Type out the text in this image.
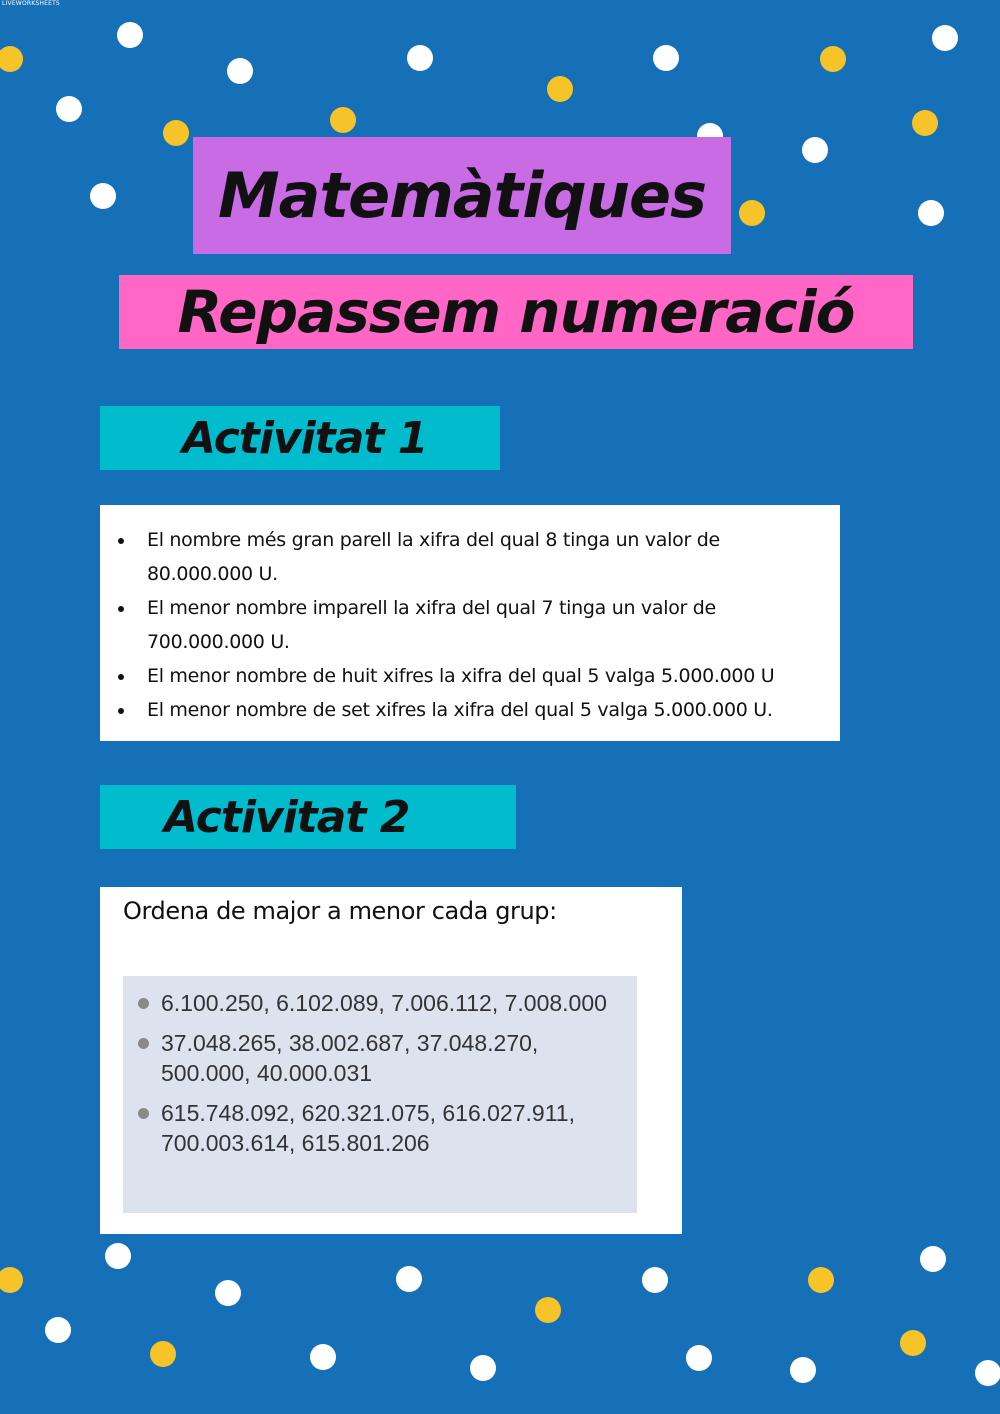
LIVEWORKSHEETS
Matemàtiques
Repassem numeració
Activitat 1
El nombre més gran parell la xifra del qual 8 tinga un valor de 80.000.000 U.
El menor nombre imparell la xifra del qual 7 tinga un valor de 700.000.000 U.
El menor nombre de huit xifres la xifra del qual 5 valga 5.000.000 U
El menor nombre de set xifres la xifra del qual 5 valga 5.000.000 U.
Activitat 2
Ordena de major a menor cada grup:
6.100.250, 6.102.089, 7.006.112, 7.008.000
37.048.265, 38.002.687, 37.048.270, 500.000, 40.000.031
615.748.092, 620.321.075, 616.027.911, 700.003.614, 615.801.206
